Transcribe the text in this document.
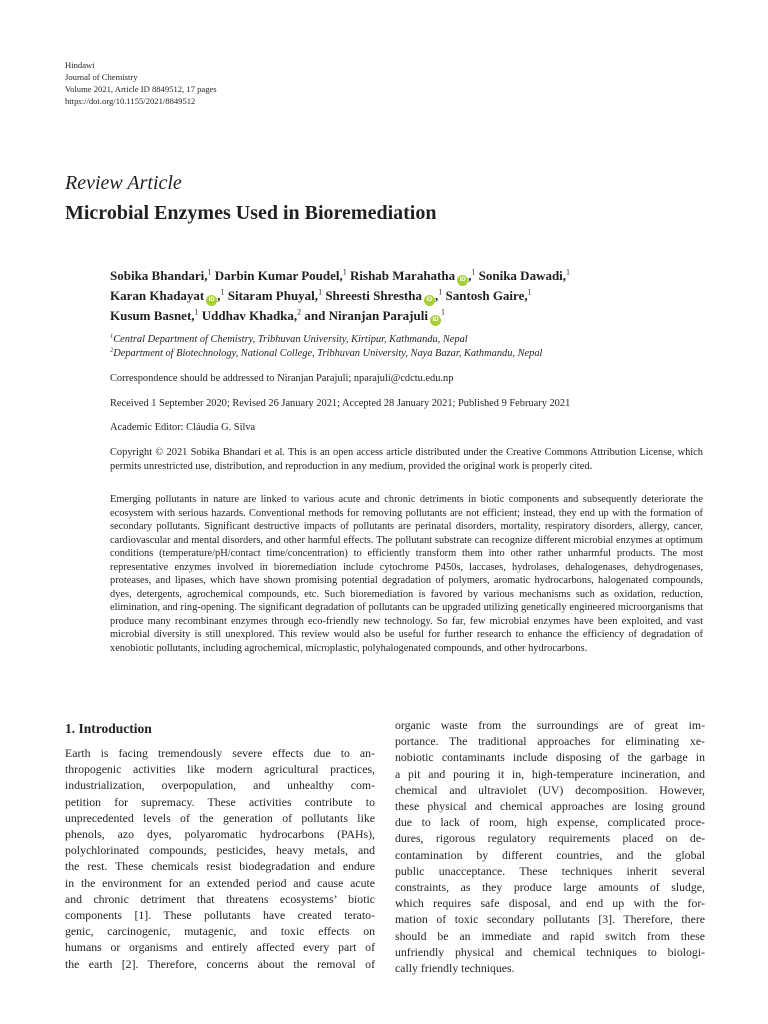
Hindawi
Journal of Chemistry
Volume 2021, Article ID 8849512, 17 pages
https://doi.org/10.1155/2021/8849512
Review Article
Microbial Enzymes Used in Bioremediation
Sobika Bhandari,$^1$ Darbin Kumar Poudel,$^1$ Rishab Marahatha iD ,$^1$ Sonika Dawadi,$^1$
Karan Khadayat iD ,$^1$ Sitaram Phuyal,$^1$ Shreesti Shrestha iD ,$^1$ Santosh Gaire,$^1$
Kusum Basnet,$^1$ Uddhav Khadka,$^2$ and Niranjan Parajuli $iD^1$
$^1$Central Department of Chemistry, Tribhuvan University, Kirtipur, Kathmandu, Nepal
$^2$Department of Biotechnology, National College, Tribhuvan University, Naya Bazar, Kathmandu, Nepal
Correspondence should be addressed to Niranjan Parajuli; nparajuli@cdctu.edu.np
Received 1 September 2020; Revised 26 January 2021; Accepted 28 January 2021; Published 9 February 2021
Academic Editor: Cláudia G. Silva
Copyright © 2021 Sobika Bhandari et al. This is an open access article distributed under the Creative Commons Attribution License, which permits unrestricted use, distribution, and reproduction in any medium, provided the original work is properly cited.
Emerging pollutants in nature are linked to various acute and chronic detriments in biotic components and subsequently deteriorate the ecosystem with serious hazards. Conventional methods for removing pollutants are not efficient; instead, they end up with the formation of secondary pollutants. Significant destructive impacts of pollutants are perinatal disorders, mortality, respiratory disorders, allergy, cancer, cardiovascular and mental disorders, and other harmful effects. The pollutant substrate can recognize different microbial enzymes at optimum conditions (temperature/pH/contact time/concentration) to efficiently transform them into other rather unharmful products. The most representative enzymes involved in bioremediation include cytochrome P450s, laccases, hydrolases, dehalogenases, dehydrogenases, proteases, and lipases, which have shown promising potential degradation of polymers, aromatic hydrocarbons, halogenated compounds, dyes, detergents, agrochemical compounds, etc. Such bioremediation is favored by various mechanisms such as oxidation, reduction, elimination, and ring-opening. The significant degradation of pollutants can be upgraded utilizing genetically engineered microorganisms that produce many recombinant enzymes through eco-friendly new technology. So far, few microbial enzymes have been exploited, and vast microbial diversity is still unexplored. This review would also be useful for further research to enhance the efficiency of degradation of xenobiotic pollutants, including agrochemical, microplastic, polyhalogenated compounds, and other hydrocarbons.
1. Introduction
Earth is facing tremendously severe effects due to an-
thropogenic activities like modern agricultural practices,
industrialization, overpopulation, and unhealthy com-
petition for supremacy. These activities contribute to
unprecedented levels of the generation of pollutants like
phenols, azo dyes, polyaromatic hydrocarbons (PAHs),
polychlorinated compounds, pesticides, heavy metals, and
the rest. These chemicals resist biodegradation and endure
in the environment for an extended period and cause acute
and chronic detriment that threatens ecosystems’ biotic
components [1]. These pollutants have created terato-
genic, carcinogenic, mutagenic, and toxic effects on
humans or organisms and entirely affected every part of
the earth [2]. Therefore, concerns about the removal of
organic waste from the surroundings are of great im-
portance. The traditional approaches for eliminating xe-
nobiotic contaminants include disposing of the garbage in
a pit and pouring it in, high-temperature incineration, and
chemical and ultraviolet (UV) decomposition. However,
these physical and chemical approaches are losing ground
due to lack of room, high expense, complicated proce-
dures, rigorous regulatory requirements placed on de-
contamination by different countries, and the global
public unacceptance. These techniques inherit several
constraints, as they produce large amounts of sludge,
which requires safe disposal, and end up with the for-
mation of toxic secondary pollutants [3]. Therefore, there
should be an immediate and rapid switch from these
unfriendly physical and chemical techniques to biologi-
cally friendly techniques.
